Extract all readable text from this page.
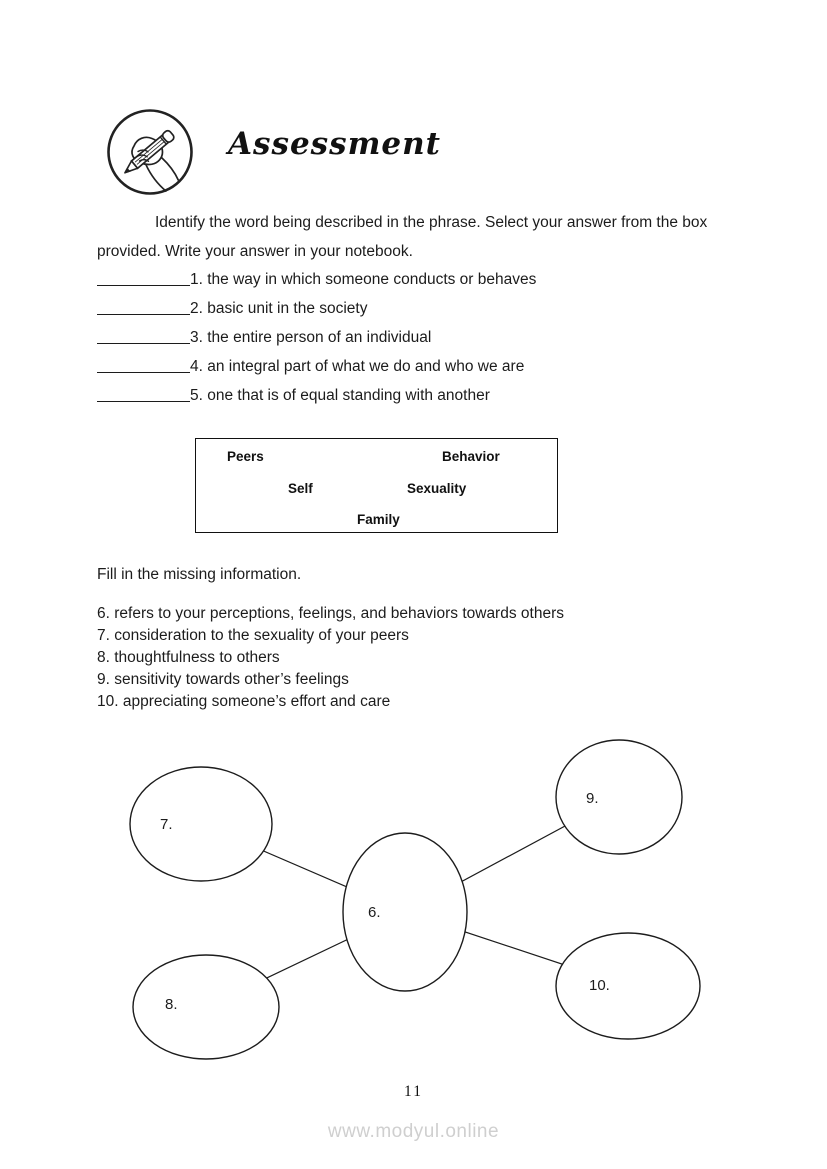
Assessment

Identify the word being described in the phrase. Select your answer from the box provided. Write your answer in your notebook.

1. the way in which someone conducts or behaves
2. basic unit in the society
3. the entire person of an individual
4. an integral part of what we do and who we are
5. one that is of equal standing with another
Peers	Behavior
Self	Sexuality
Family
Fill in the missing information.
6. refers to your perceptions, feelings, and behaviors towards others
7. consideration to the sexuality of your peers
8. thoughtfulness to others
9. sensitivity towards other’s feelings
10. appreciating someone’s effort and care
7.
8.
9.
10.
6.
11
www.modyul.online
